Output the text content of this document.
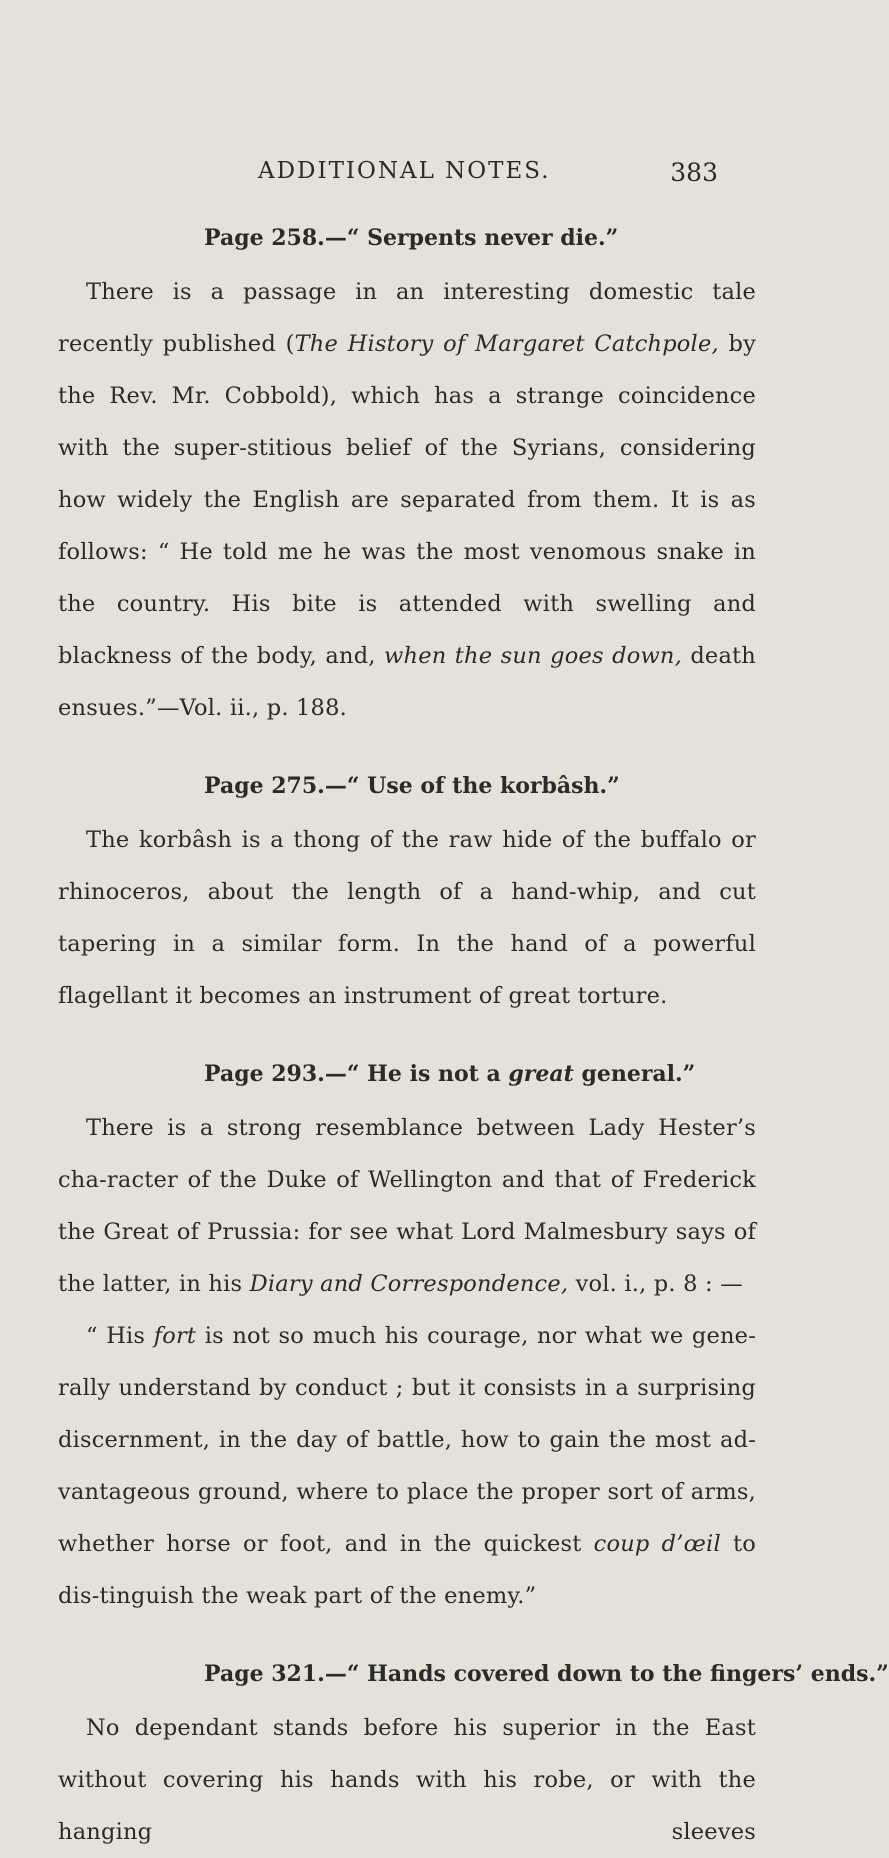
ADDITIONAL NOTES.	383
Page 258.—“ Serpents never die.”

There is a passage in an interesting domestic tale recently published (The History of Margaret Catchpole, by the Rev. Mr. Cobbold), which has a strange coincidence with the super-stitious belief of the Syrians, considering how widely the English are separated from them. It is as follows: “ He told me he was the most venomous snake in the country. His bite is attended with swelling and blackness of the body, and, when the sun goes down, death ensues.”—Vol. ii., p. 188.

Page 275.—“ Use of the korbâsh.”

The korbâsh is a thong of the raw hide of the buffalo or rhinoceros, about the length of a hand-whip, and cut tapering in a similar form. In the hand of a powerful flagellant it becomes an instrument of great torture.

Page 293.—“ He is not a great general.”

There is a strong resemblance between Lady Hester’s cha-racter of the Duke of Wellington and that of Frederick the Great of Prussia: for see what Lord Malmesbury says of the latter, in his Diary and Correspondence, vol. i., p. 8 : —

“ His fort is not so much his courage, nor what we gene-rally understand by conduct ; but it consists in a surprising discernment, in the day of battle, how to gain the most ad-vantageous ground, where to place the proper sort of arms, whether horse or foot, and in the quickest coup d’œil to dis-tinguish the weak part of the enemy.”

Page 321.—“ Hands covered down to the fingers’ ends.”

No dependant stands before his superior in the East without covering his hands with his robe, or with the hanging sleeves
